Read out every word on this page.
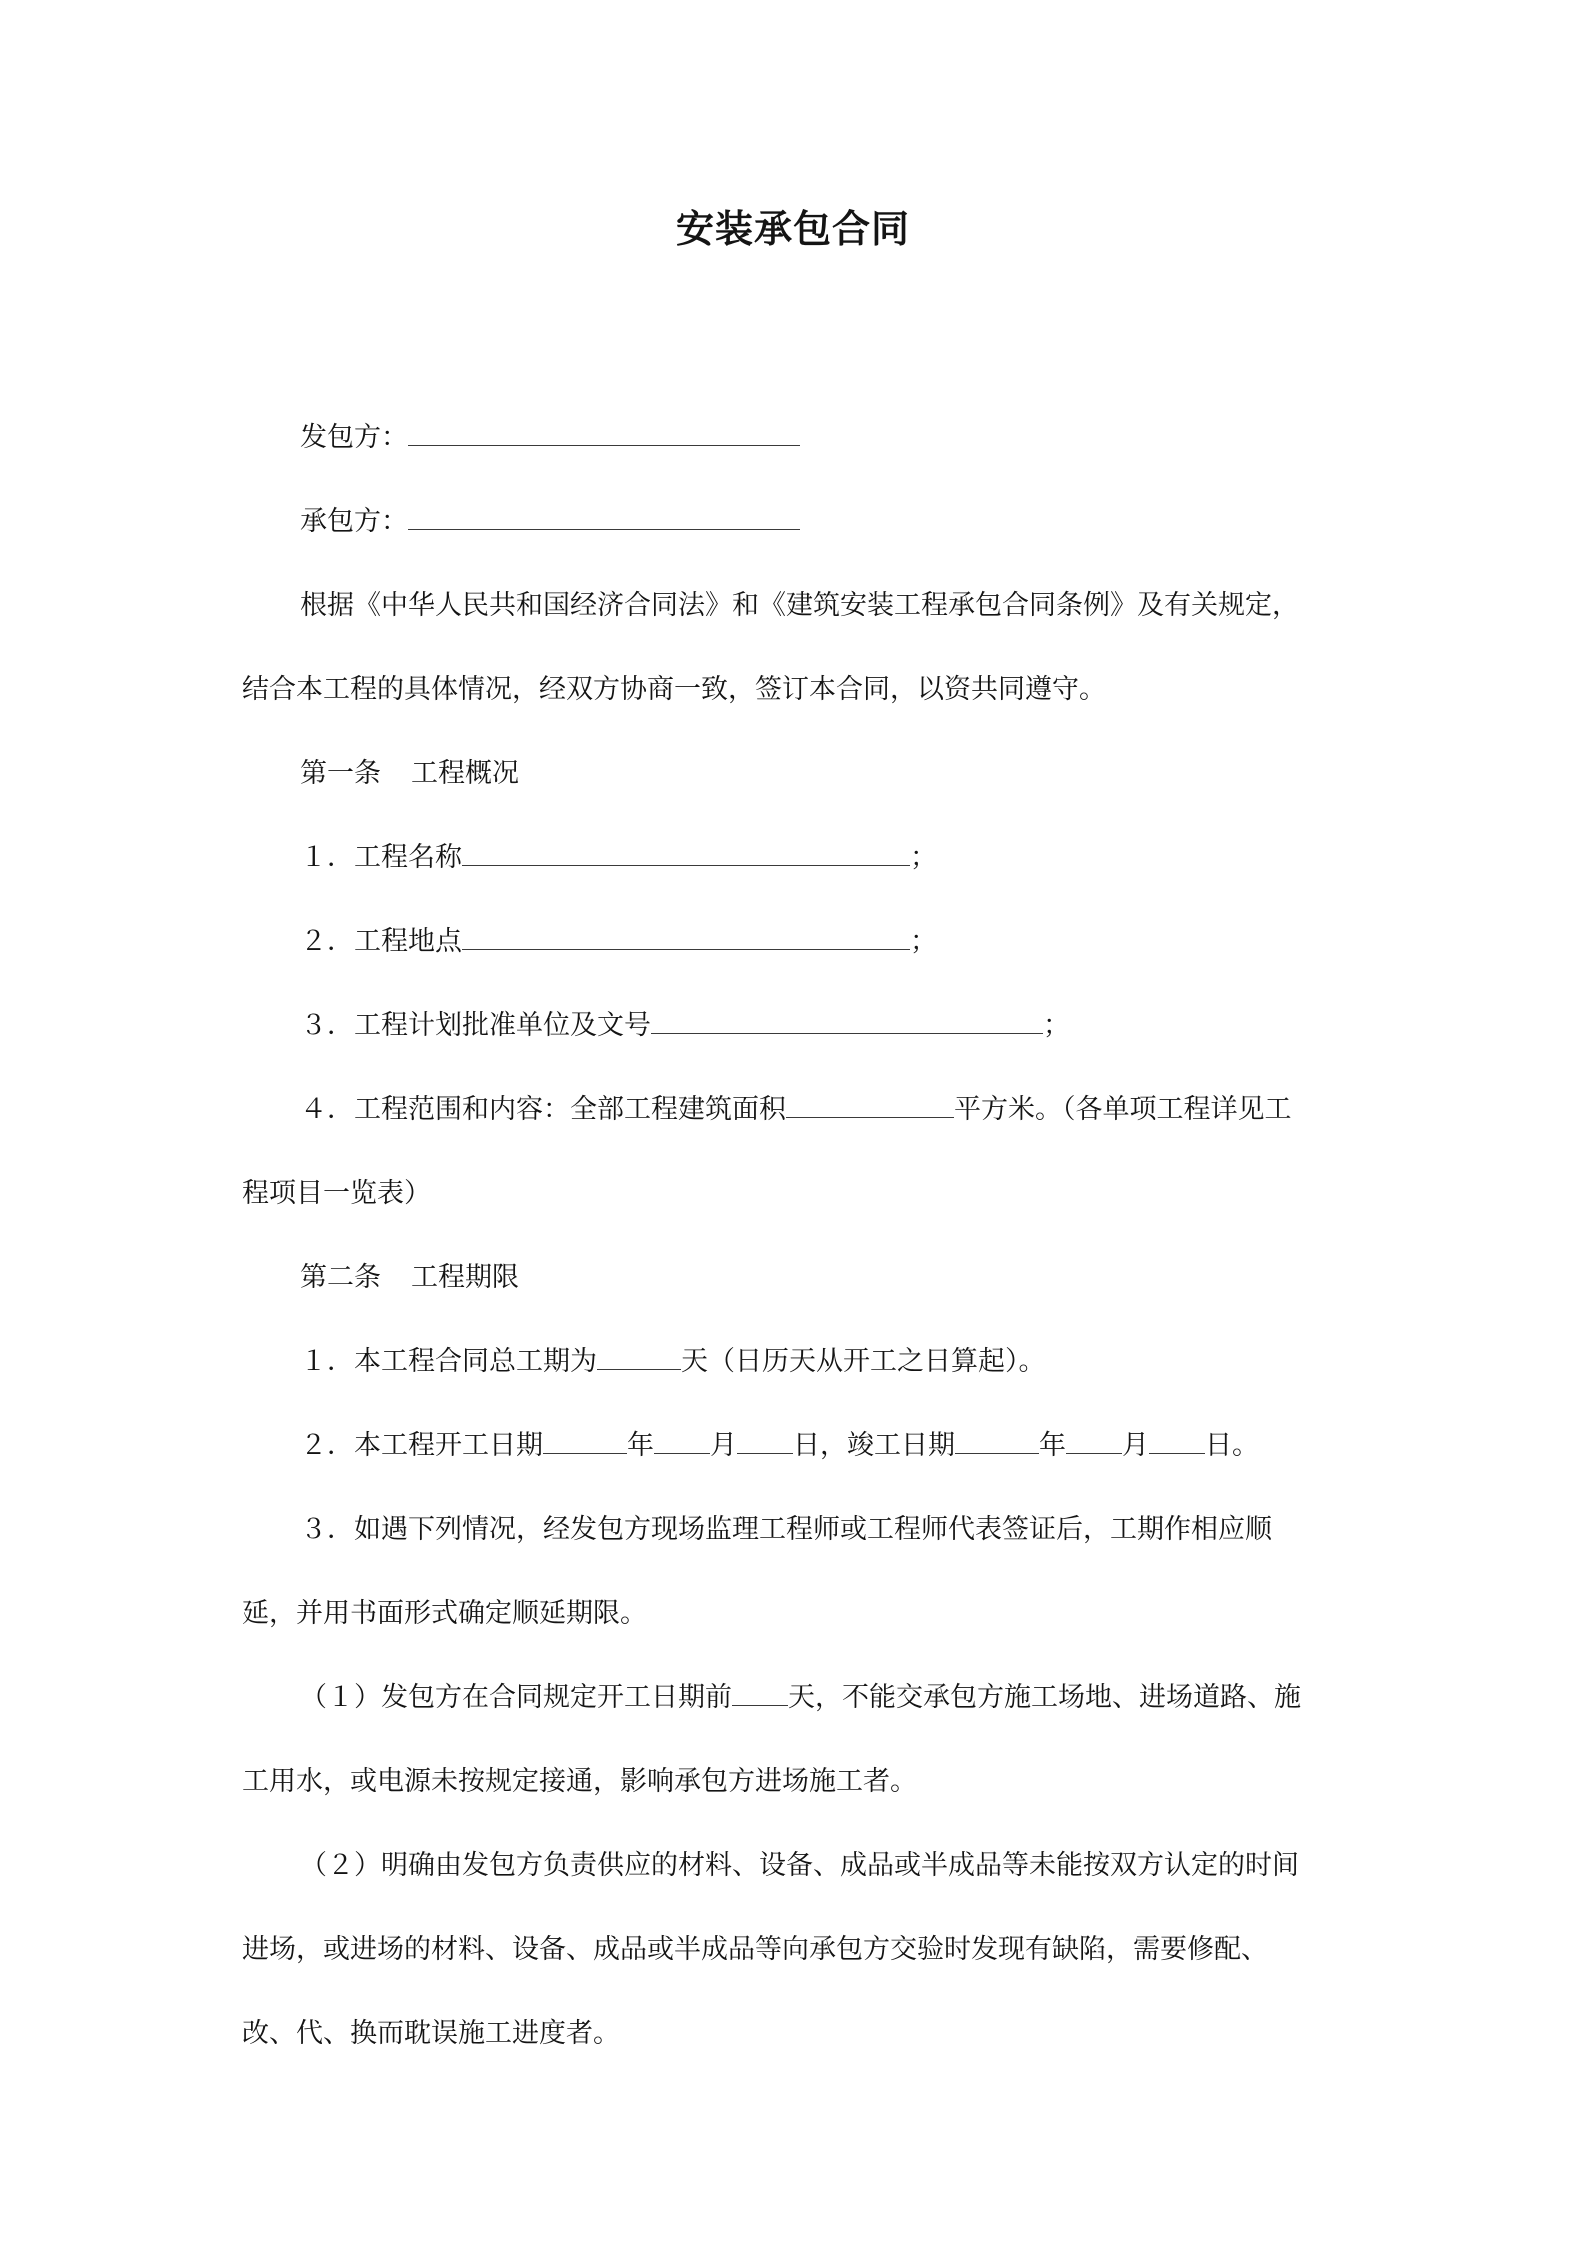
安装承包合同
发包方：
承包方：
根据《中华人民共和国经济合同法》和《建筑安装工程承包合同条例》及有关规定，
结合本工程的具体情况，经双方协商一致，签订本合同，以资共同遵守。
第一条 工程概况
１．工程名称	；
２．工程地点	；
３．工程计划批准单位及文号	；
４．工程范围和内容：全部工程建筑面积	平方米。（各单项工程详见工
程项目一览表）
第二条 工程期限
１．本工程合同总工期为	天（日历天从开工之日算起）。
２．本工程开工日期	年 月 日，竣工日期	年 月 日。
３．如遇下列情况，经发包方现场监理工程师或工程师代表签证后，工期作相应顺
延，并用书面形式确定顺延期限。
（１）发包方在合同规定开工日期前 天，不能交承包方施工场地、进场道路、施
工用水，或电源未按规定接通，影响承包方进场施工者。
（２）明确由发包方负责供应的材料、设备、成品或半成品等未能按双方认定的时间
进场，或进场的材料、设备、成品或半成品等向承包方交验时发现有缺陷，需要修配、
改、代、换而耽误施工进度者。
